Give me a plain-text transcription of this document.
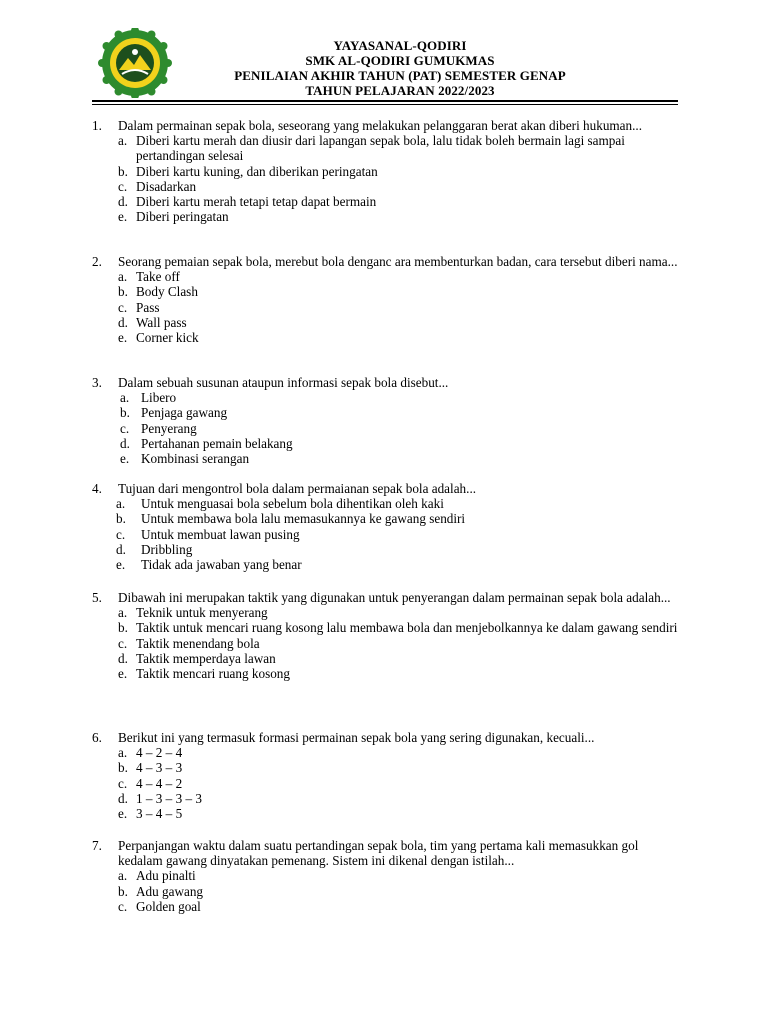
YAYASANAL-QODIRI
SMK AL-QODIRI GUMUKMAS
PENILAIAN AKHIR TAHUN (PAT) SEMESTER GENAP
TAHUN PELAJARAN 2022/2023
1. Dalam permainan sepak bola, seseorang yang melakukan pelanggaran berat akan diberi hukuman...
a. Diberi kartu merah dan diusir dari lapangan sepak bola, lalu tidak boleh bermain lagi sampai pertandingan selesai
b. Diberi kartu kuning, dan diberikan peringatan
c. Disadarkan
d. Diberi kartu merah tetapi tetap dapat bermain
e. Diberi peringatan
2. Seorang pemaian sepak bola, merebut bola denganc ara membenturkan badan, cara tersebut diberi nama...
a. Take off
b. Body Clash
c. Pass
d. Wall pass
e. Corner kick
3. Dalam sebuah susunan ataupun informasi sepak bola disebut...
a. Libero
b. Penjaga gawang
c. Penyerang
d. Pertahanan pemain belakang
e. Kombinasi serangan
4. Tujuan dari mengontrol bola dalam permaianan sepak bola adalah...
a. Untuk menguasai bola sebelum bola dihentikan oleh kaki
b. Untuk membawa bola lalu memasukannya ke gawang sendiri
c. Untuk membuat lawan pusing
d. Dribbling
e. Tidak ada jawaban yang benar
5. Dibawah ini merupakan taktik yang digunakan untuk penyerangan dalam permainan sepak bola adalah...
a. Teknik untuk menyerang
b. Taktik untuk mencari ruang kosong lalu membawa bola dan menjebolkannya ke dalam gawang sendiri
c. Taktik menendang bola
d. Taktik memperdaya lawan
e. Taktik mencari ruang kosong
6. Berikut ini yang termasuk formasi permainan sepak bola yang sering digunakan, kecuali...
a. 4 – 2 – 4
b. 4 – 3 – 3
c. 4 – 4 – 2
d. 1 – 3 – 3 – 3
e. 3 – 4 – 5
7. Perpanjangan waktu dalam suatu pertandingan sepak bola, tim yang pertama kali memasukkan gol kedalam gawang dinyatakan pemenang. Sistem ini dikenal dengan istilah...
a. Adu pinalti
b. Adu gawang
c. Golden goal
